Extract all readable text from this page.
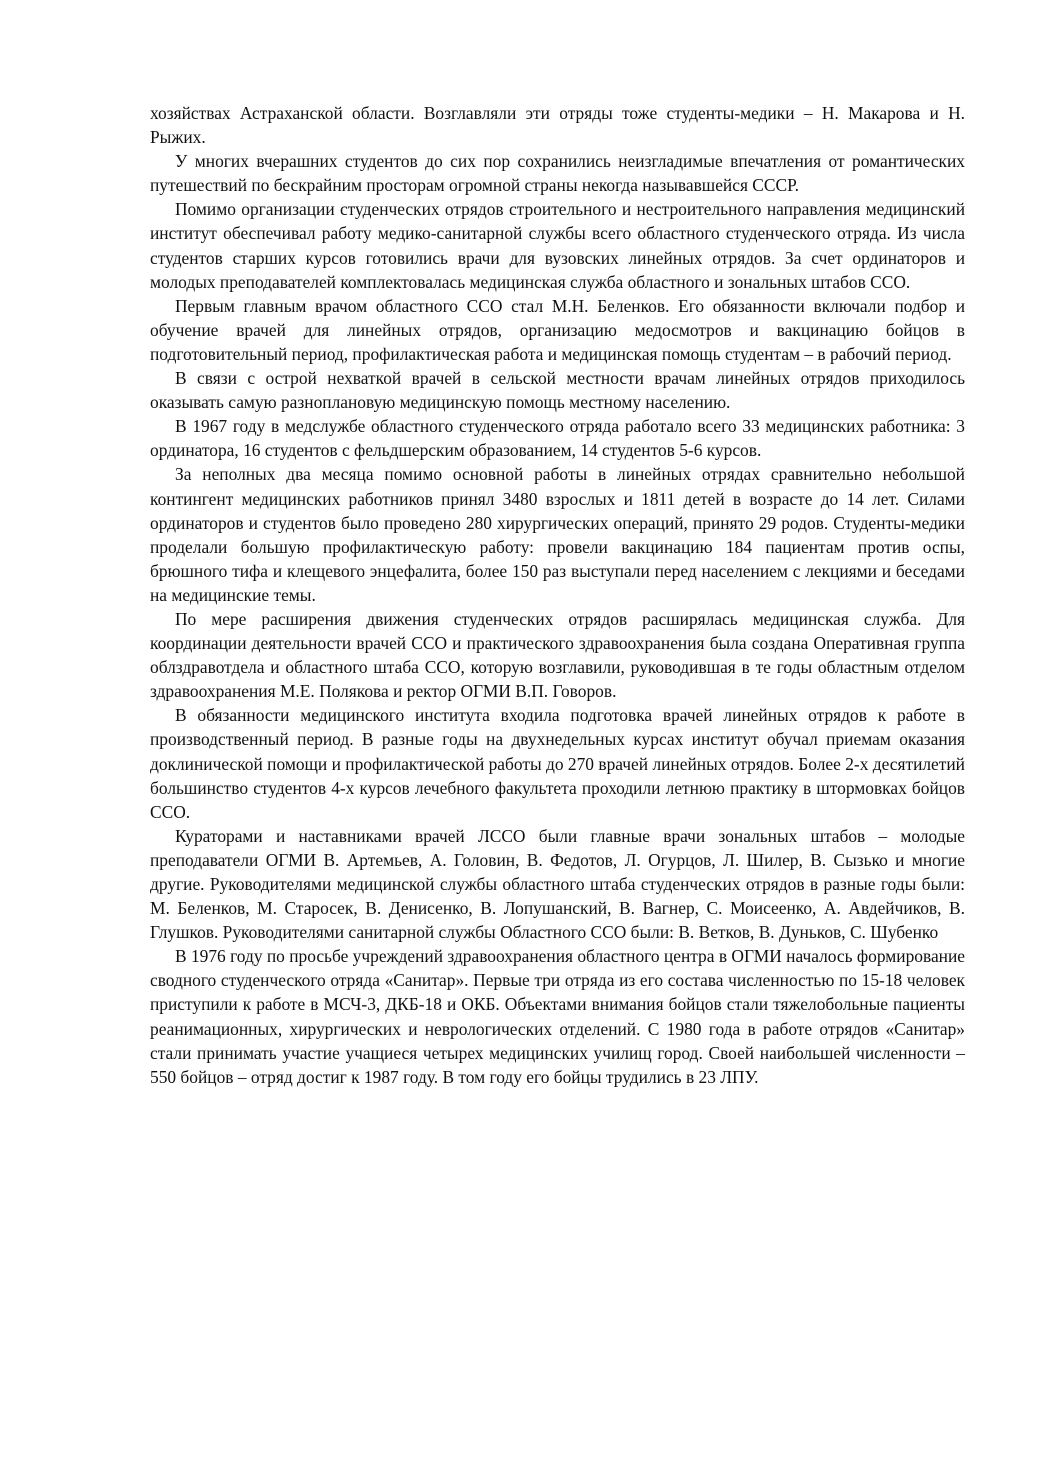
хозяйствах Астраханской области. Возглавляли эти отряды тоже студенты-медики – Н. Макарова и Н. Рыжих.

У многих вчерашних студентов до сих пор сохранились неизгладимые впечатления от романтических путешествий по бескрайним просторам огромной страны некогда называвшейся СССР.

Помимо организации студенческих отрядов строительного и нестроительного направления медицинский институт обеспечивал работу медико-санитарной службы всего областного студенческого отряда. Из числа студентов старших курсов готовились врачи для вузовских линейных отрядов. За счет ординаторов и молодых преподавателей комплектовалась медицинская служба областного и зональных штабов ССО.

Первым главным врачом областного ССО стал М.Н. Беленков. Его обязанности включали подбор и обучение врачей для линейных отрядов, организацию медосмотров и вакцинацию бойцов в подготовительный период, профилактическая работа и медицинская помощь студентам – в рабочий период.

В связи с острой нехваткой врачей в сельской местности врачам линейных отрядов приходилось оказывать самую разноплановую медицинскую помощь местному населению.

В 1967 году в медслужбе областного студенческого отряда работало всего 33 медицинских работника: 3 ординатора, 16 студентов с фельдшерским образованием, 14 студентов 5-6 курсов.

За неполных два месяца помимо основной работы в линейных отрядах сравнительно небольшой контингент медицинских работников принял 3480 взрослых и 1811 детей в возрасте до 14 лет. Силами ординаторов и студентов было проведено 280 хирургических операций, принято 29 родов. Студенты-медики проделали большую профилактическую работу: провели вакцинацию 184 пациентам против оспы, брюшного тифа и клещевого энцефалита, более 150 раз выступали перед населением с лекциями и беседами на медицинские темы.

По мере расширения движения студенческих отрядов расширялась медицинская служба. Для координации деятельности врачей ССО и практического здравоохранения была создана Оперативная группа облздравотдела и областного штаба ССО, которую возглавили, руководившая в те годы областным отделом здравоохранения М.Е. Полякова и ректор ОГМИ В.П. Говоров.

В обязанности медицинского института входила подготовка врачей линейных отрядов к работе в производственный период. В разные годы на двухнедельных курсах институт обучал приемам оказания доклинической помощи и профилактической работы до 270 врачей линейных отрядов. Более 2-х десятилетий большинство студентов 4-х курсов лечебного факультета проходили летнюю практику в штормовках бойцов ССО.

Кураторами и наставниками врачей ЛССО были главные врачи зональных штабов – молодые преподаватели ОГМИ В. Артемьев, А. Головин, В. Федотов, Л. Огурцов, Л. Шилер, В. Сызько и многие другие. Руководителями медицинской службы областного штаба студенческих отрядов в разные годы были: М. Беленков, М. Старосек, В. Денисенко, В. Лопушанский, В. Вагнер, С. Моисеенко, А. Авдейчиков, В. Глушков. Руководителями санитарной службы Областного ССО были: В. Ветков, В. Дуньков, С. Шубенко

В 1976 году по просьбе учреждений здравоохранения областного центра в ОГМИ началось формирование сводного студенческого отряда «Санитар». Первые три отряда из его состава численностью по 15-18 человек приступили к работе в МСЧ-3, ДКБ-18 и ОКБ. Объектами внимания бойцов стали тяжелобольные пациенты реанимационных, хирургических и неврологических отделений. С 1980 года в работе отрядов «Санитар» стали принимать участие учащиеся четырех медицинских училищ город. Своей наибольшей численности – 550 бойцов – отряд достиг к 1987 году. В том году его бойцы трудились в 23 ЛПУ.
